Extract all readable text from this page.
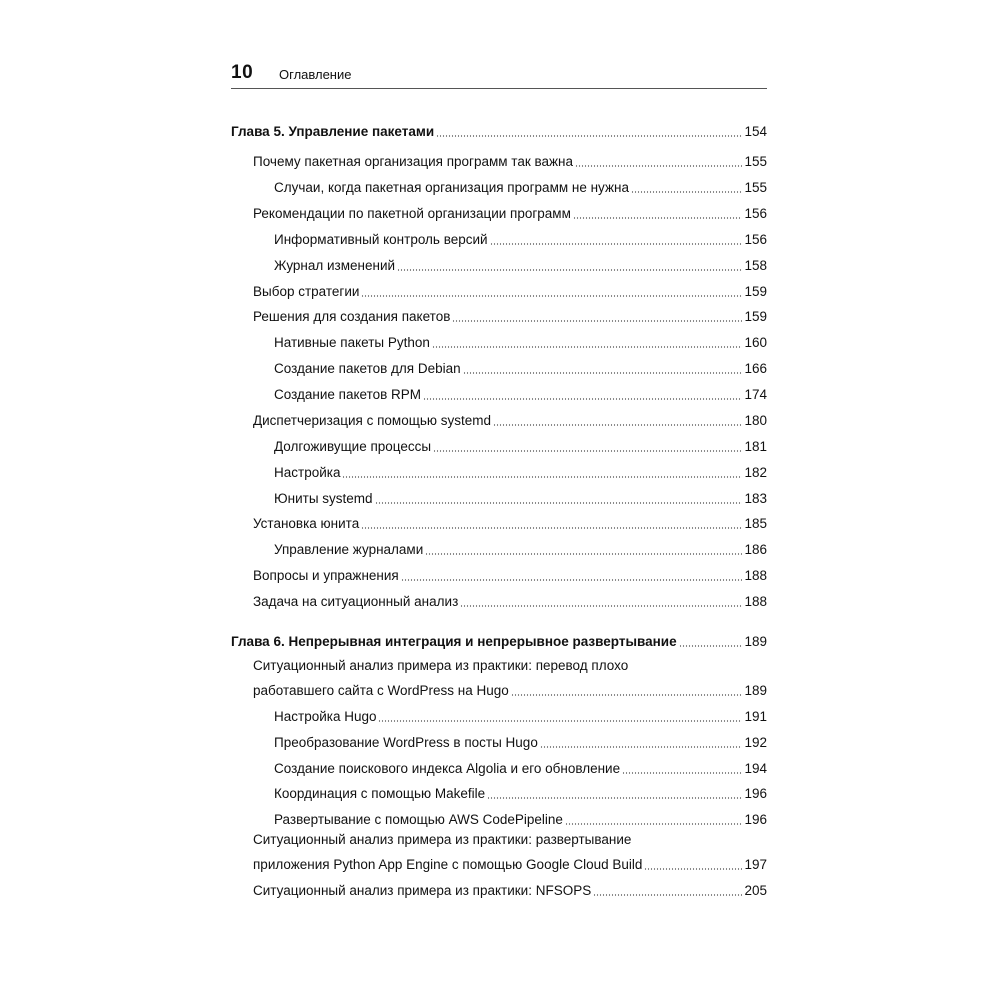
10 Оглавление
Глава 5. Управление пакетами	154
Почему пакетная организация программ так важна	155
Случаи, когда пакетная организация программ не нужна	155
Рекомендации по пакетной организации программ	156
Информативный контроль версий	156
Журнал изменений	158
Выбор стратегии	159
Решения для создания пакетов	159
Нативные пакеты Python	160
Создание пакетов для Debian	166
Создание пакетов RPM	174
Диспетчеризация с помощью systemd	180
Долгоживущие процессы	181
Настройка	182
Юниты systemd	183
Установка юнита	185
Управление журналами	186
Вопросы и упражнения	188
Задача на ситуационный анализ	188
Глава 6. Непрерывная интеграция и непрерывное развертывание	189
Ситуационный анализ примера из практики: перевод плохо
работавшего сайта с WordPress на Hugo	189
Настройка Hugo	191
Преобразование WordPress в посты Hugo	192
Создание поискового индекса Algolia и его обновление	194
Координация с помощью Makefile	196
Развертывание с помощью AWS CodePipeline	196
Ситуационный анализ примера из практики: развертывание
приложения Python App Engine с помощью Google Cloud Build	197
Ситуационный анализ примера из практики: NFSOPS	205
